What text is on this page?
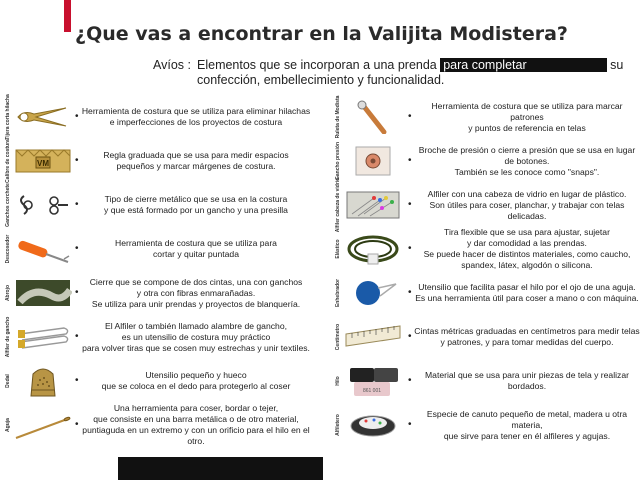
¿Que vas a encontrar en la Valijita Modistera?
Avíos : Elementos que se incorporan a una prenda para completar	su confección, embellecimiento y funcionalidad.
Tijera corta hilacha	• Herramienta de costura que se utiliza para eliminar hilachas
e imperfecciones de los proyectos de costura
Calibre de costura	•	Regla graduada que se usa para medir espacios
pequeños y marcar márgenes de costura.
Ganchos corchete	•	Tipo de cierre metálico que se usa en la costura
y que está formado por un gancho y una presilla
Descosedor	•	Herramienta de costura que se utiliza para
cortar y quitar puntada
Abrojo	•
Cierre que se compone de dos cintas, una con ganchos
y otra con fibras enmarañadas.
Se utiliza para unir prendas y proyectos de blanquería.
Alfiler de gancho	•
El Alfiler o también llamado alambre de gancho,
es un utensilio de costura muy práctico
para volver tiras que se cosen muy estrechas y unir textiles.
Dedal	•	Utensilio pequeño y hueco
que se coloca en el dedo para protegerlo al coser
Aguja	•
Una herramienta para coser, bordar o tejer,
que consiste en una barra metálica o de otro material,
puntiaguda en un extremo y con un orificio para el hilo en el otro.
Ruleta de Modista	•
Herramienta de costura que se utiliza para marcar patrones
y puntos de referencia en telas
Gancho presión	•
Broche de presión o cierre a presión que se usa en lugar de botones.
También se les conoce como "snaps".
Alfiler cabeza de vidrio	•
Alfiler con una cabeza de vidrio en lugar de plástico.
Son útiles para coser, planchar, y trabajar con telas delicadas.
Elástico	•
Tira flexible que se usa para ajustar, sujetar
y dar comodidad a las prendas.
Se puede hacer de distintos materiales, como caucho,
spandex, látex, algodón o silicona.
Enhebrador	• Utensilio que facilita pasar el hilo por el ojo de una aguja.
Es una herramienta útil para coser a mano o con máquina.
Centímetro	• Cintas métricas graduadas en centímetros para medir telas
y patrones, y para tomar medidas del cuerpo.
Hilo	•	Material que se usa para unir piezas de tela y realizar bordados.
Alfiletero	•
Especie de canuto pequeño de metal, madera u otra materia,
que sirve para tener en él alfileres y agujas.
